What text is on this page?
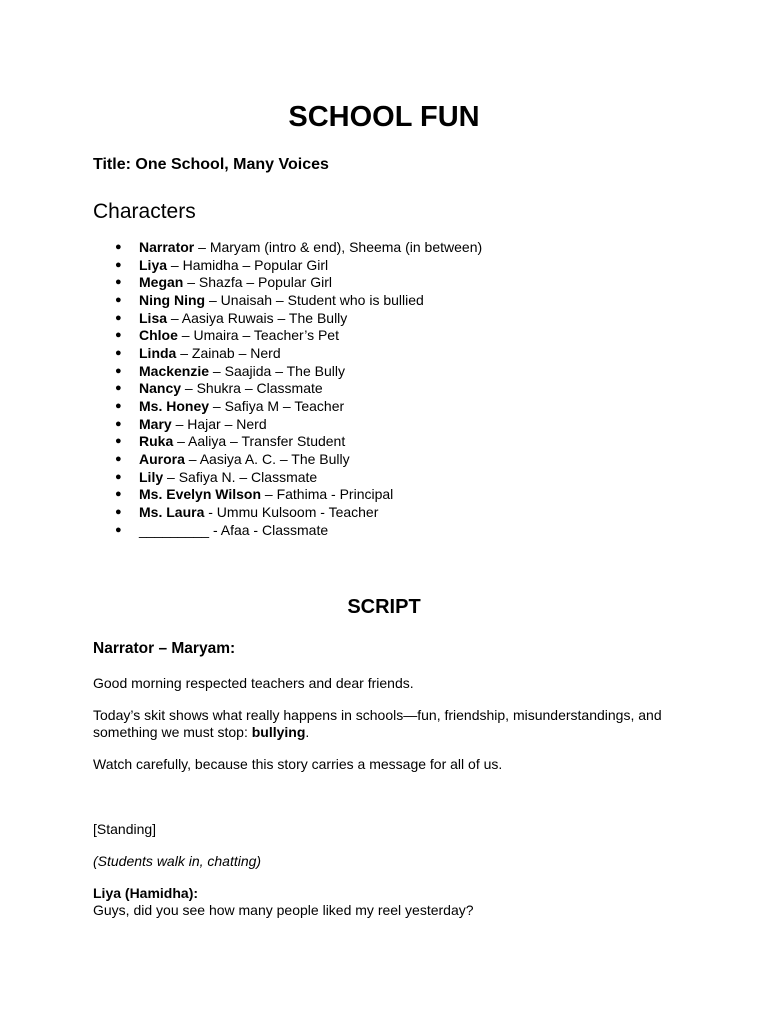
SCHOOL FUN

Title: One School, Many Voices

Characters
● Narrator – Maryam (intro & end), Sheema (in between)
● Liya – Hamidha – Popular Girl
● Megan – Shazfa – Popular Girl
● Ning Ning – Unaisah – Student who is bullied
● Lisa – Aasiya Ruwais – The Bully
● Chloe – Umaira – Teacher’s Pet
● Linda – Zainab – Nerd
● Mackenzie – Saajida – The Bully
● Nancy – Shukra – Classmate
● Ms. Honey – Safiya M – Teacher
● Mary – Hajar – Nerd
● Ruka – Aaliya – Transfer Student
● Aurora – Aasiya A. C. – The Bully
● Lily – Safiya N. – Classmate
● Ms. Evelyn Wilson – Fathima - Principal
● Ms. Laura - Ummu Kulsoom - Teacher
● _________ - Afaa - Classmate
SCRIPT

Narrator – Maryam:

Good morning respected teachers and dear friends.

Today’s skit shows what really happens in schools—fun, friendship, misunderstandings, and something we must stop: bullying.

Watch carefully, because this story carries a message for all of us.

[Standing]

(Students walk in, chatting)

Liya (Hamidha):
Guys, did you see how many people liked my reel yesterday?
